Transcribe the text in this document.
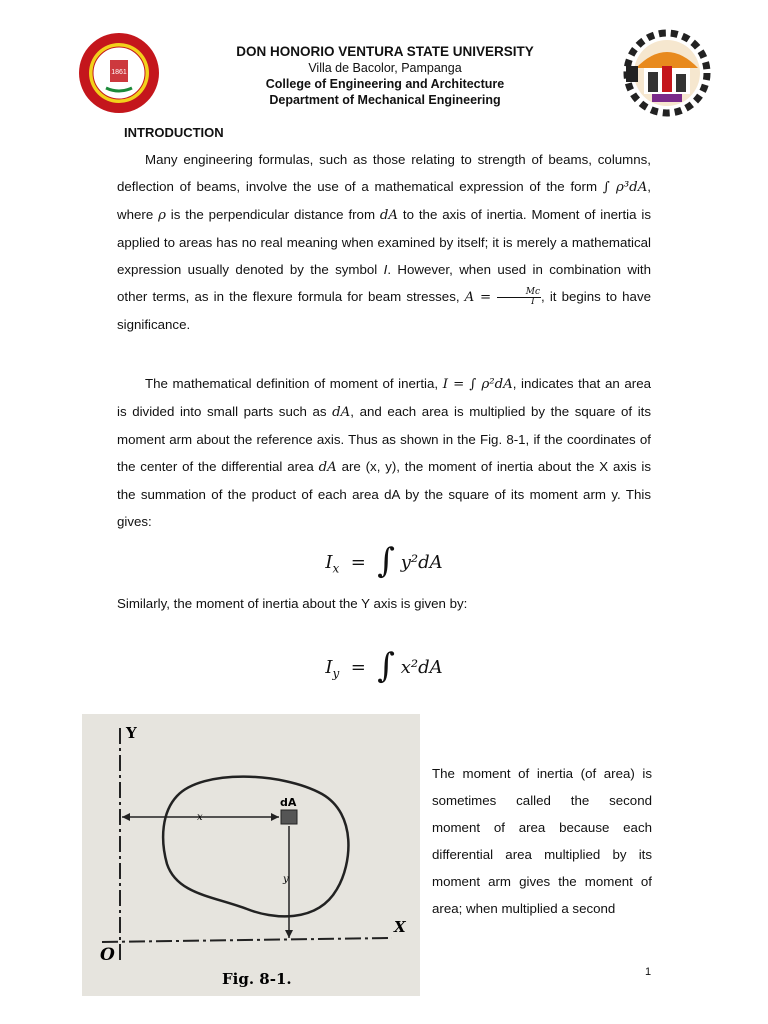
1861
DON HONORIO VENTURA STATE UNIVERSITY
Villa de Bacolor, Pampanga
College of Engineering and Architecture
Department of Mechanical Engineering
INTRODUCTION

Many engineering formulas, such as those relating to strength of beams, columns, deflection of beams, involve the use of a mathematical expression of the form ∫ ρ³dA, where ρ is the perpendicular distance from dA to the axis of inertia. Moment of inertia is applied to areas has no real meaning when examined by itself; it is merely a mathematical expression usually denoted by the symbol I. However, when used in combination with other terms, as in the flexure formula for beam stresses, $A = \frac{Mc}{I}$ , it begins to have significance.

The mathematical definition of moment of inertia, I = ∫ ρ²dA, indicates that an area is divided into small parts such as dA, and each area is multiplied by the square of its moment arm about the reference axis. Thus as shown in the Fig. 8-1, if the coordinates of the center of the differential area dA are (x, y), the moment of inertia about the X axis is the summation of the product of each area dA by the square of its moment arm y. This gives:

$I_x$  =  ∫ y²dA

Similarly, the moment of inertia about the Y axis is given by:

$I_y$  =  ∫ x²dA
Y
X
O
x
y
dA
Fig. 8-1.

The moment of inertia (of area) is sometimes called the second moment of area because each differential area multiplied by its moment arm gives the moment of area; when multiplied a second

1
